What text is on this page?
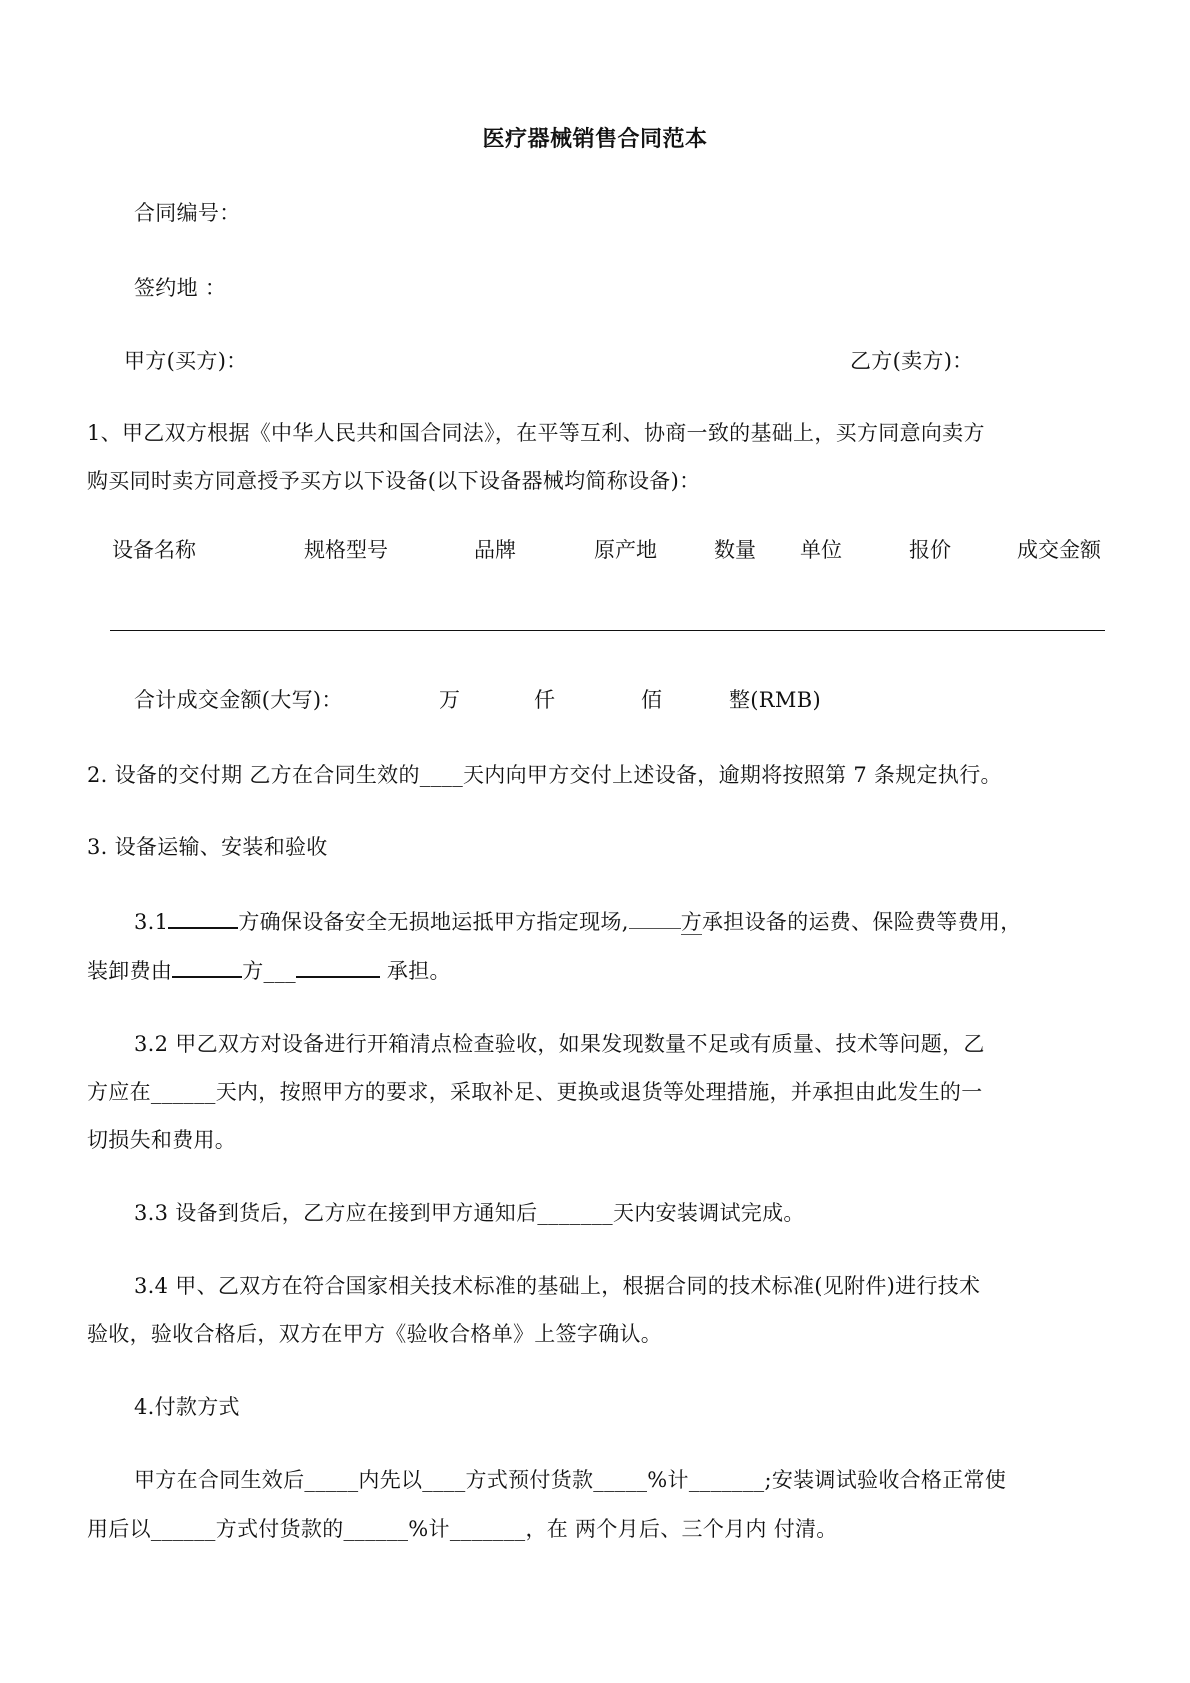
医疗器械销售合同范本
合同编号：
签约地 ：
甲方(买方)：	乙方(卖方)：
1、甲乙双方根据《中华人民共和国合同法》，在平等互利、协商一致的基础上，买方同意向卖方
购买同时卖方同意授予买方以下设备(以下设备器械均简称设备)：
设备名称	规格型号	品牌	原产地	数量 单位	报价	成交金额
合计成交金额(大写)：	万	仟	佰	整(RMB)
2. 设备的交付期 乙方在合同生效的____天内向甲方交付上述设备，逾期将按照第 7 条规定执行。
3. 设备运输、安装和验收
3.1	方确保设备安全无损地运抵甲方指定现场, 方承担设备的运费、保险费等费用，
装卸费由	方___	承担。
3.2 甲乙双方对设备进行开箱清点检查验收，如果发现数量不足或有质量、技术等问题，乙
方应在______天内，按照甲方的要求，采取补足、更换或退货等处理措施，并承担由此发生的一
切损失和费用。
3.3 设备到货后，乙方应在接到甲方通知后_______天内安装调试完成。
3.4 甲、乙双方在符合国家相关技术标准的基础上，根据合同的技术标准(见附件)进行技术
验收，验收合格后，双方在甲方《验收合格单》上签字确认。
4.付款方式
甲方在合同生效后_____内先以____方式预付货款_____%计_______;安装调试验收合格正常使
用后以______方式付货款的______%计_______，在 两个月后、三个月内 付清。
